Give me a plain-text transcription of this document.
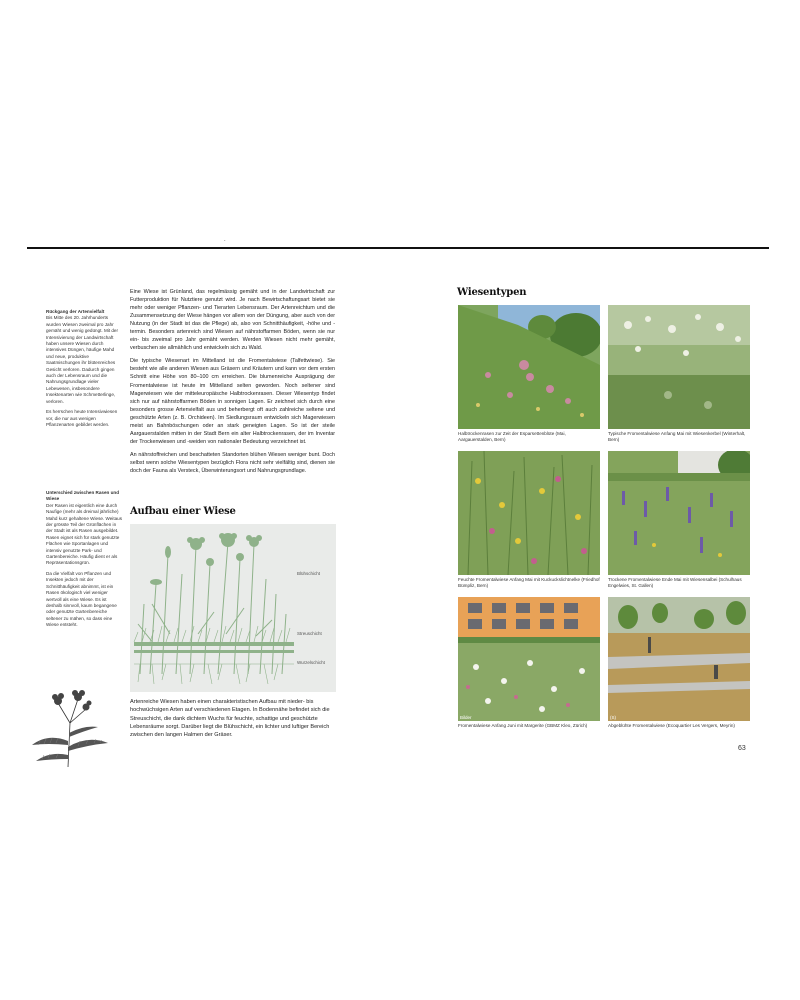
.

Rückgang der Artenvielfalt
Bis Mitte des 20. Jahrhunderts wurden Wiesen zweimal pro Jahr gemäht und wenig gedüngt. Mit der Intensivierung der Landwirtschaft haben unsere Wiesen durch intensives Düngen, häufige Mahd und neue, produktive Saatmischungen ihr blütenreiches Gesicht verloren. Dadurch gingen auch der Lebensraum und die Nahrungsgrundlage vieler Lebewesen, insbesondere Insektenarten wie Schmetterlinge, verloren.

Es herrschen heute Intensivwiesen vor, die nur aus wenigen Pflanzenarten gebildet werden.

Unterschied zwischen Rasen und Wiese
Der Rasen ist eigentlich eine durch Naufige (mehr als dreimal jährliche) Mahd kurz gehaltene Wiese. Weitaus der grösste Teil der Grünflächen in der Stadt ist als Rasen ausgebildet. Rasen eignet sich für stark genutzte Flächen wie Sportanlagen und intensiv genutzte Park- und Gartenbereiche. Häufig dient er als Repräsentationsgrün.

Da die Vielfalt von Pflanzen und Insekten jedoch mit der Schnitthäufigkeit abnimmt, ist ein Rasen ökologisch viel weniger wertvoll als eine Wiese. Es ist deshalb sinnvoll, kaum begangene oder genutzte Gartenbereiche seltener zu mähen, so dass eine Wiese entsteht.

Eine Wiese ist Grünland, das regelmässig gemäht und in der Landwirtschaft zur Futterproduktion für Nutztiere genutzt wird. Je nach Bewirtschaftungsart bietet sie mehr oder weniger Pflanzen- und Tierarten Lebensraum. Der Artenreichtum und die Zusammensetzung der Wiese hängen vor allem von der Düngung, aber auch von der Nutzung (in der Stadt ist das die Pflege) ab, also von Schnitthäufigkeit, -höhe und -termin. Besonders artenreich sind Wiesen auf nährstoffarmen Böden, wenn sie nur ein- bis zweimal pro Jahr gemäht werden. Werden Wiesen nicht mehr gemäht, verbuschen sie allmählich und entwickeln sich zu Wald.

Die typische Wiesenart im Mittelland ist die Fromentalwiese (Talfettwiese). Sie besteht wie alle anderen Wiesen aus Gräsern und Kräutern und kann vor dem ersten Schnitt eine Höhe von 80–100 cm erreichen. Die blumenreiche Ausprägung der Fromentalwiese ist heute im Mittelland selten geworden. Noch seltener sind Magerwiesen wie der mitteleuropäische Halbtrockenrasen. Dieser Wiesentyp findet sich nur auf nährstoffarmen Böden in sonnigen Lagen. Er zeichnet sich durch eine besonders grosse Artenvielfalt aus und beherbergt oft auch zahlreiche seltene und geschützte Arten (z. B. Orchideen). Im Siedlungsraum entwickeln sich Magerwiesen meist an Bahnböschungen oder an stark geneigten Lagen. So ist der steile Aargauerstalden mitten in der Stadt Bern ein alter Halbtrockenrasen, der im Inventar der Trockenwiesen und -weiden von nationaler Bedeutung verzeichnet ist.

An nährstoffreichen und beschatteten Standorten blühen Wiesen weniger bunt. Doch selbst wenn solche Wiesentypen bezüglich Flora nicht sehr vielfältig sind, dienen sie doch der Fauna als Versteck, Überwinterungsort und Nahrungsgrundlage.

Aufbau einer Wiese
Blühschicht
Streuschicht
Wurzelschicht
Artenreiche Wiesen haben einen charakteristischen Aufbau mit nieder- bis hochwüchsigen Arten auf verschiedenen Etagen. In Bodennähe befindet sich die Streuschicht, die dank dichtem Wuchs für feuchte, schattige und geschützte Lebensräume sorgt. Darüber liegt die Blühschicht, ein lichter und luftiger Bereich zwischen den langen Halmen der Gräser.
Wiesentypen
Halbtrockenrasen zur Zeit der Esparsettenblüte (Mai, Aargauerstalden, Bern)
Typische Fromentalwiese Anfang Mai mit Wiesenkerbel (Winterhalt, Bern)
Feuchte Fromentalwiese Anfang Mai mit Kuckuckslichtnelke (Friedhof Bümpliz, Bern)
Trockene Fromentalwiese Ende Mai mit Wiesensalbei (Schulhaus Engelwies, St. Gallen)
Bilder
Fromentalwiese Anfang Juni mit Margerite (GBMZ Kleo, Zürich)
(S)
Abgeblühte Fromentalwiese (Ecoquartier Les Vergers, Meyrin)
63
